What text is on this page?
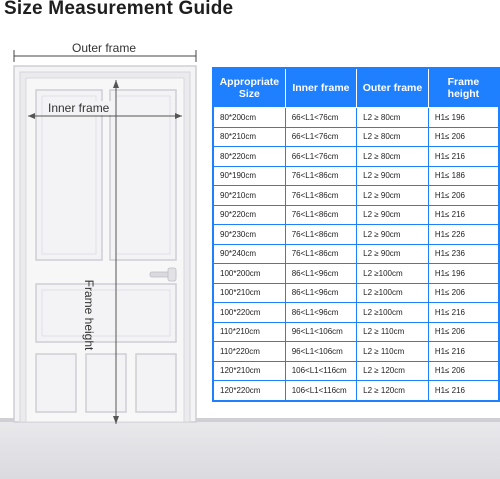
Size Measurement Guide
Outer frame
Inner frame
Frame height
Appropriate Size	Inner frame	Outer frame	Frame height
80*200cm	66<L1<76cm	L2 ≥ 80cm	H1≤ 196
80*210cm	66<L1<76cm	L2 ≥ 80cm	H1≤ 206
80*220cm	66<L1<76cm	L2 ≥ 80cm	H1≤ 216
90*190cm	76<L1<86cm	L2 ≥ 90cm	H1≤ 186
90*210cm	76<L1<86cm	L2 ≥ 90cm	H1≤ 206
90*220cm	76<L1<86cm	L2 ≥ 90cm	H1≤ 216
90*230cm	76<L1<86cm	L2 ≥ 90cm	H1≤ 226
90*240cm	76<L1<86cm	L2 ≥ 90cm	H1≤ 236
100*200cm	86<L1<96cm	L2 ≥100cm	H1≤ 196
100*210cm	86<L1<96cm	L2 ≥100cm	H1≤ 206
100*220cm	86<L1<96cm	L2 ≥100cm	H1≤ 216
110*210cm	96<L1<106cm	L2 ≥ 110cm	H1≤ 206
110*220cm	96<L1<106cm	L2 ≥ 110cm	H1≤ 216
120*210cm	106<L1<116cm	L2 ≥ 120cm	H1≤ 206
120*220cm	106<L1<116cm	L2 ≥ 120cm	H1≤ 216
